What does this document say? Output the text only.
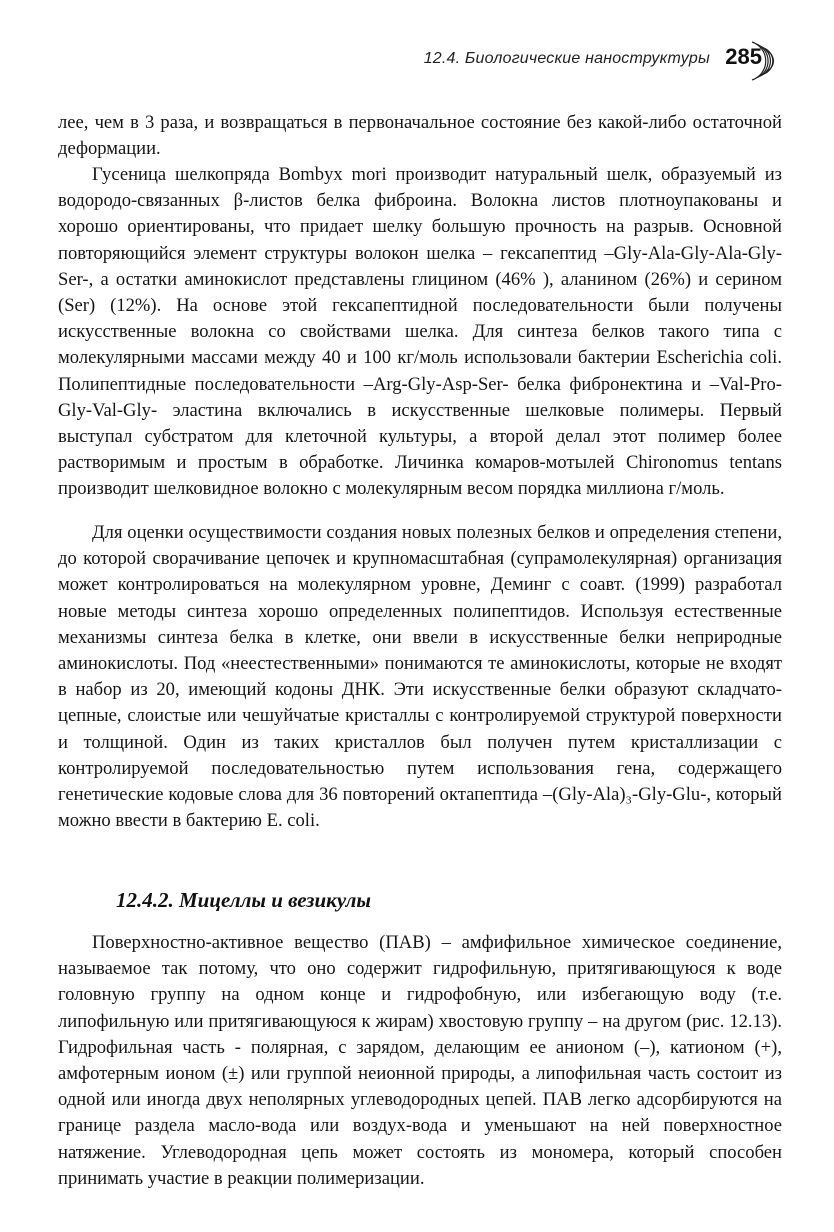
12.4. Биологические наноструктуры 285

лее, чем в 3 раза, и возвращаться в первоначальное состояние без какой-либо остаточной деформации.

Гусеница шелкопряда Bombyx mori производит натуральный шелк, образуемый из водородо-связанных β-листов белка фиброина. Волокна листов плотноупакованы и хорошо ориентированы, что придает шелку большую прочность на разрыв. Основной повторяющийся элемент структуры волокон шелка – гексапептид –Gly-Ala-Gly-Ala-Gly-Ser-, а остатки аминокислот представлены глицином (46% ), аланином (26%) и серином (Ser) (12%). На основе этой гексапептидной последовательности были получены искусственные волокна со свойствами шелка. Для синтеза белков такого типа с молекулярными массами между 40 и 100 кг/моль использовали бактерии Escherichia coli. Полипептидные последовательности –Arg-Gly-Asp-Ser- белка фибронектина и –Val-Pro-Gly-Val-Gly- эластина включались в искусственные шелковые полимеры. Первый выступал субстратом для клеточной культуры, а второй делал этот полимер более растворимым и простым в обработке. Личинка комаров-мотылей Chironomus tentans производит шелковидное волокно с молекулярным весом порядка миллиона г/моль.

Для оценки осуществимости создания новых полезных белков и определения степени, до которой сворачивание цепочек и крупномасштабная (супрамолекулярная) организация может контролироваться на молекулярном уровне, Деминг с соавт. (1999) разработал новые методы синтеза хорошо определенных полипептидов. Используя естественные механизмы синтеза белка в клетке, они ввели в искусственные белки неприродные аминокислоты. Под «неестественными» понимаются те аминокислоты, которые не входят в набор из 20, имеющий кодоны ДНК. Эти искусственные белки образуют складчато-цепные, слоистые или чешуйчатые кристаллы с контролируемой структурой поверхности и толщиной. Один из таких кристаллов был получен путем кристаллизации с контролируемой последовательностью путем использования гена, содержащего генетические кодовые слова для 36 повторений октапептида –(Gly-Ala)₃-Gly-Glu-, который можно ввести в бактерию E. coli.

12.4.2. Мицеллы и везикулы

Поверхностно-активное вещество (ПАВ) – амфифильное химическое соединение, называемое так потому, что оно содержит гидрофильную, притягивающуюся к воде головную группу на одном конце и гидрофобную, или избегающую воду (т.е. липофильную или притягивающуюся к жирам) хвостовую группу – на другом (рис. 12.13). Гидрофильная часть - полярная, с зарядом, делающим ее анионом (–), катионом (+), амфотерным ионом (±) или группой неионной природы, а липофильная часть состоит из одной или иногда двух неполярных углеводородных цепей. ПАВ легко адсорбируются на границе раздела масло-вода или воздух-вода и уменьшают на ней поверхностное натяжение. Углеводородная цепь может состоять из мономера, который способен принимать участие в реакции полимеризации.
